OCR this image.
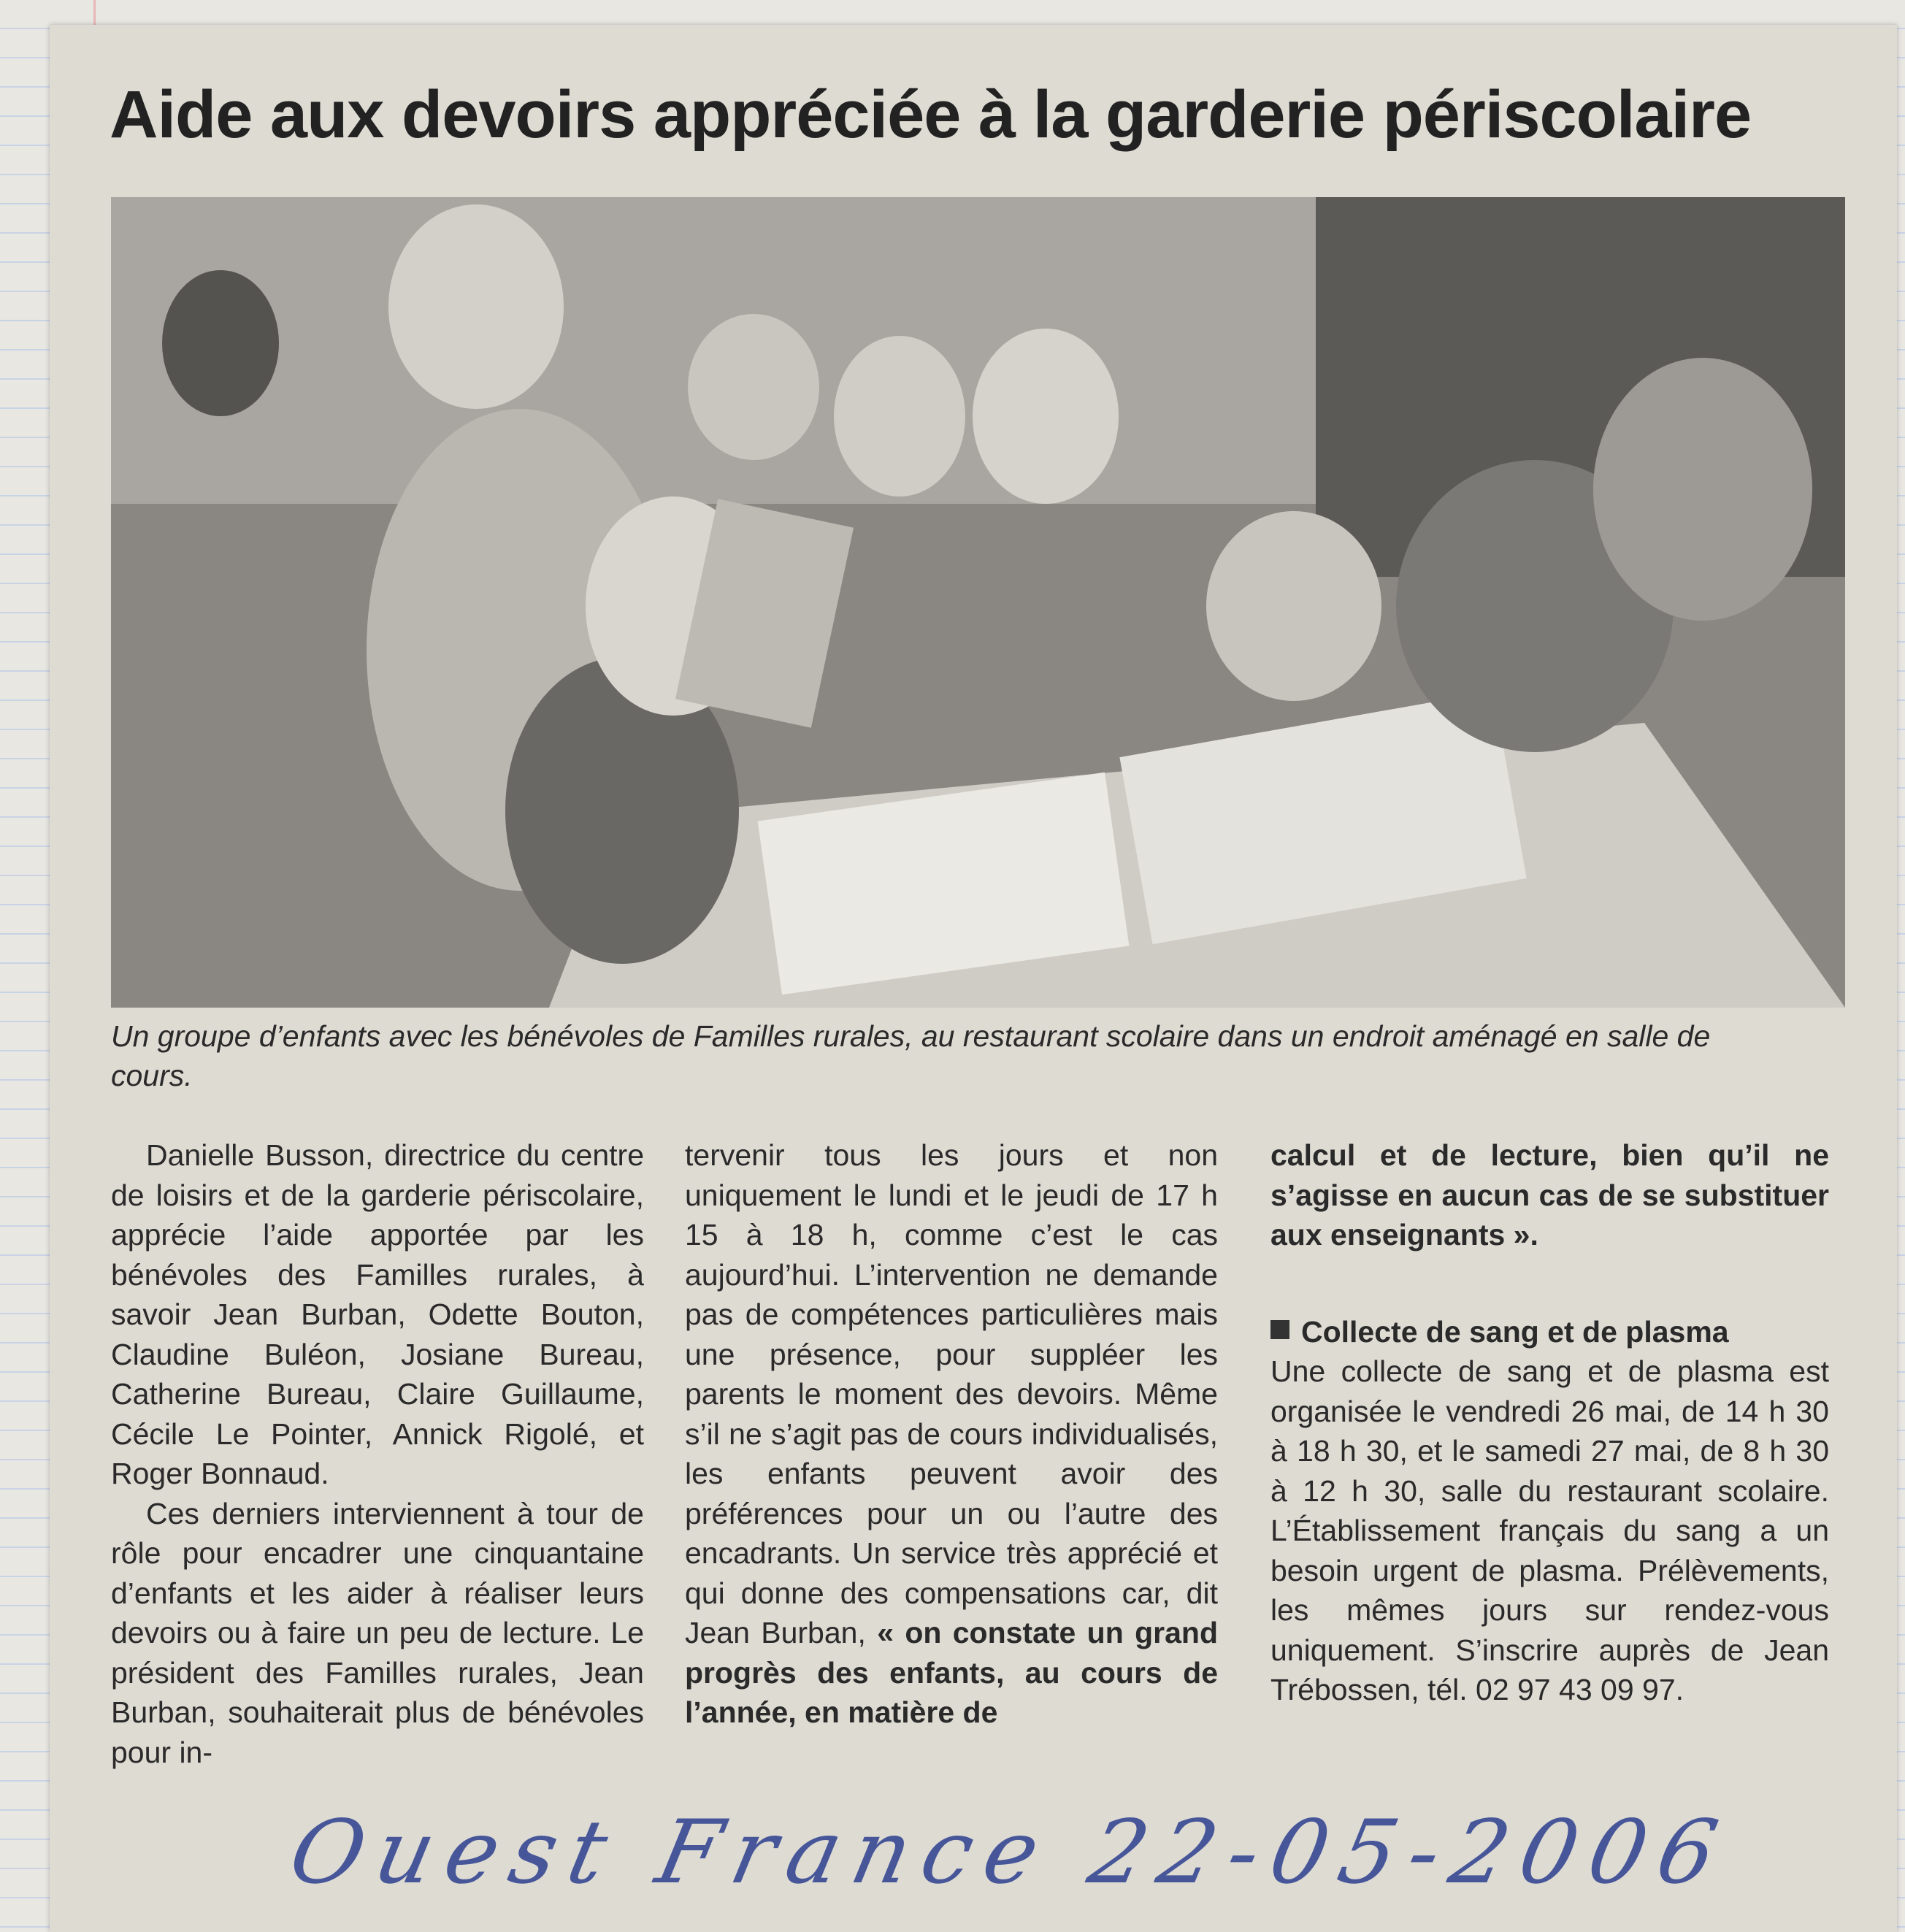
Aide aux devoirs appréciée à la garderie périscolaire
Un groupe d’enfants avec les bénévoles de Familles rurales, au restaurant scolaire dans un endroit aménagé en salle de cours.

Danielle Busson, directrice du centre de loisirs et de la garderie périscolaire, apprécie l’aide apportée par les bénévoles des Familles rurales, à savoir Jean Burban, Odette Bouton, Claudine Buléon, Josiane Bureau, Catherine Bureau, Claire Guillaume, Cécile Le Pointer, Annick Rigolé, et Roger Bonnaud.

Ces derniers interviennent à tour de rôle pour encadrer une cinquantaine d’enfants et les aider à réaliser leurs devoirs ou à faire un peu de lecture. Le président des Familles rurales, Jean Burban, souhaiterait plus de bénévoles pour in-

tervenir tous les jours et non uniquement le lundi et le jeudi de 17 h 15 à 18 h, comme c’est le cas aujourd’hui. L’intervention ne demande pas de compétences particulières mais une présence, pour suppléer les parents le moment des devoirs. Même s’il ne s’agit pas de cours individualisés, les enfants peuvent avoir des préférences pour un ou l’autre des encadrants. Un service très apprécié et qui donne des compensations car, dit Jean Burban, « on constate un grand progrès des enfants, au cours de l’année, en matière de

calcul et de lecture, bien qu’il ne s’agisse en aucun cas de se substituer aux enseignants ».

Collecte de sang et de plasma

Une collecte de sang et de plasma est organisée le vendredi 26 mai, de 14 h 30 à 18 h 30, et le samedi 27 mai, de 8 h 30 à 12 h 30, salle du restaurant scolaire. L’Établissement français du sang a un besoin urgent de plasma. Prélèvements, les mêmes jours sur rendez-vous uniquement. S’inscrire auprès de Jean Trébossen, tél. 02 97 43 09 97.

Ouest France 22-05-2006
